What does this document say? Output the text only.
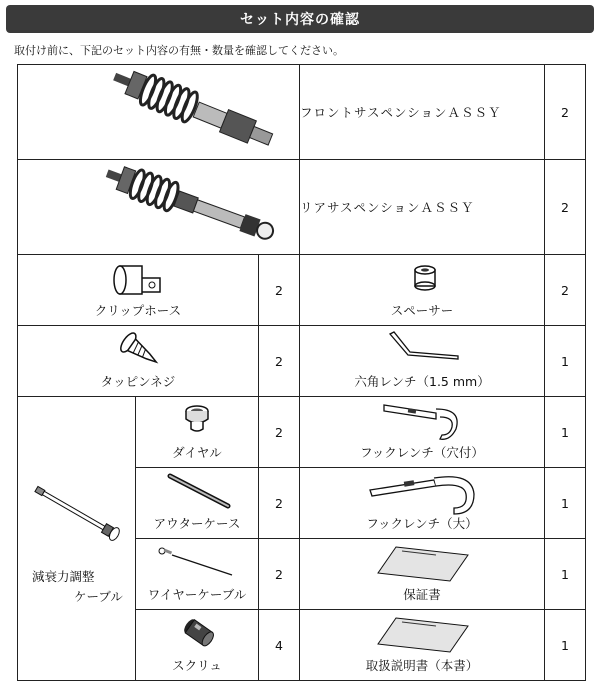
セット内容の確認
取付け前に、下記のセット内容の有無・数量を確認してください。
	フロントサスペンションＡＳＳＹ	2

	リアサスペンションＡＳＳＹ	2

クリップホース		2	スペーサー	2

タッピンネジ		2	六角レンチ（1.5 mm）	1

減衰力調整
ケーブル	ダイヤル	2	フックレンチ（穴付）	1

	アウターケース	2	フックレンチ（大）	1

	ワイヤーケーブル	2	保証書	1

	スクリュ	4	取扱説明書（本書）	1
